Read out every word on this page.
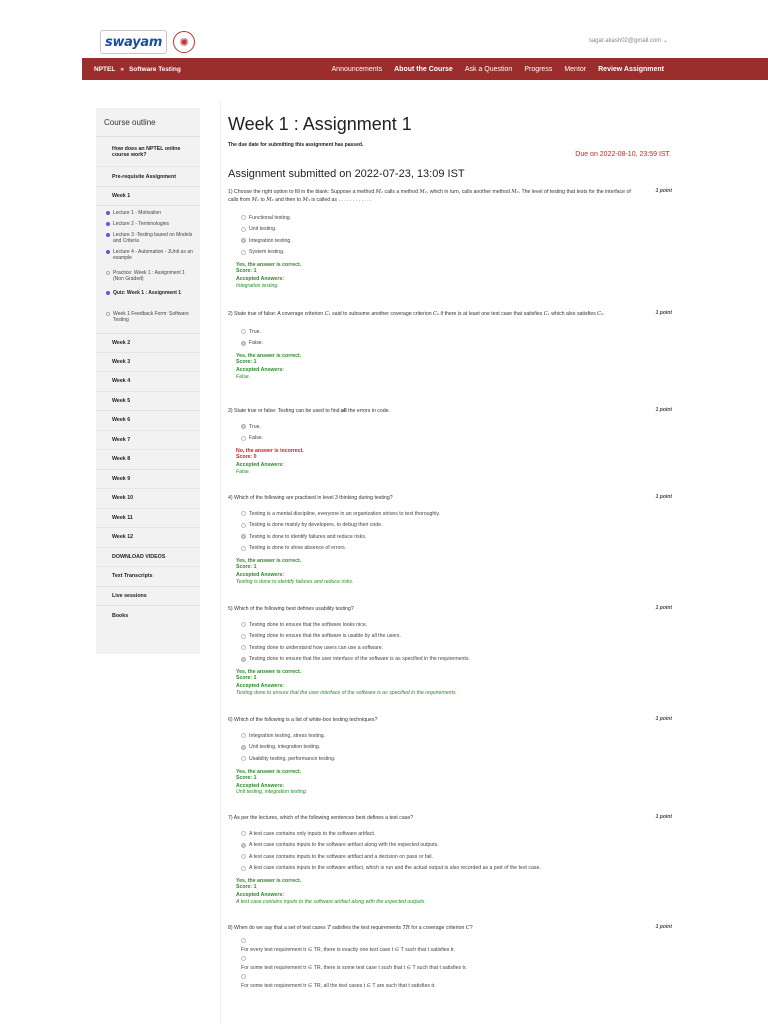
swayam	✺	sagar.akash02@gmail.com ⌄
NPTEL » Software Testing	Announcements About the Course Ask a Question Progress Mentor Review Assignment
Course outline
How does an NPTEL online course work?
Pre-requisite Assignment
Week 1
Lecture 1 - Motivation
Lecture 2 - Terminologies
Lecture 3 -Testing based on Models and Criteria
Lecture 4 - Automation - JUnit as an example
Practice: Week 1 : Assignment 1 (Non Graded)
Quiz: Week 1 : Assignment 1
Week 1 Feedback Form: Software Testing
Week 2
Week 3
Week 4
Week 5
Week 6
Week 7
Week 8
Week 9
Week 10
Week 11
Week 12
DOWNLOAD VIDEOS
Text Transcripts
Live sessions
Books
Week 1 : Assignment 1
The due date for submitting this assignment has passed.
Due on 2022-08-10, 23:59 IST.
Assignment submitted on 2022-07-23, 13:09 IST
1) Choose the right option to fill in the blank: Suppose a method M₁ calls a method M₂, which in turn, calls another method M₃. The level of testing that tests for the interface of calls from M₁ to M₂ and then to M₃ is called as . . . . . . . . . . . .
1 point
Functional testing.
Unit testing.
Integration testing.
System testing.
Yes, the answer is correct.
Score: 1
Accepted Answers:
Integration testing.
2) State true of false: A coverage criterion C₁ said to subsume another coverage criterion C₂ if there is at least one test case that satisfies C₁ which also satisfies C₂.	1 point
True.
False.
Yes, the answer is correct.
Score: 1
Accepted Answers:
False.
3) State true or false: Testing can be used to find all the errors in code.	1 point
True.
False.
No, the answer is incorrect.
Score: 0
Accepted Answers:
False.
4) Which of the following are practised in level 3 thinking during testing?	1 point
Testing is a mental discipline, everyone in an organization strives to test thoroughly.
Testing is done mainly by developers, to debug their code.
Testing is done to identify failures and reduce risks.
Testing is done to show absence of errors.
Yes, the answer is correct.
Score: 1
Accepted Answers:
Testing is done to identify failures and reduce risks.
5) Which of the following best defines usability testing?	1 point
Testing done to ensure that the software looks nice.
Testing done to ensure that the software is usable by all the users.
Testing done to understand how users can use a software.
Testing done to ensure that the user interface of the software is as specified in the requirements.
Yes, the answer is correct.
Score: 1
Accepted Answers:
Testing done to ensure that the user interface of the software is as specified in the requirements.
6) Which of the following is a list of white-box testing techniques?	1 point
Integration testing, stress testing.
Unit testing, integration testing.
Usability testing, performance testing.
Yes, the answer is correct.
Score: 1
Accepted Answers:
Unit testing, integration testing.
7) As per the lectures, which of the following sentences best defines a test case?	1 point
A test case contains only inputs to the software artifact.
A test case contains inputs to the software artifact along with the expected outputs.
A test case contains inputs to the software artifact and a decision on pass or fail.
A test case contains inputs to the software artifact, which is run and the actual output is also recorded as a part of the test case.
Yes, the answer is correct.
Score: 1
Accepted Answers:
A test case contains inputs to the software artifact along with the expected outputs.
8) When do we say that a set of test cases T satisfies the test requirements TR for a coverage criterion C?	1 point
For every test requirement tr ∈ TR, there is exactly one test case t ∈ T such that t satisfies tr.
For some test requirement tr ∈ TR, there is some test case t such that t ∈ T such that t satisfies tr.
For some test requirement tr ∈ TR, all the test cases t ∈ T are such that t satisfies tr.
